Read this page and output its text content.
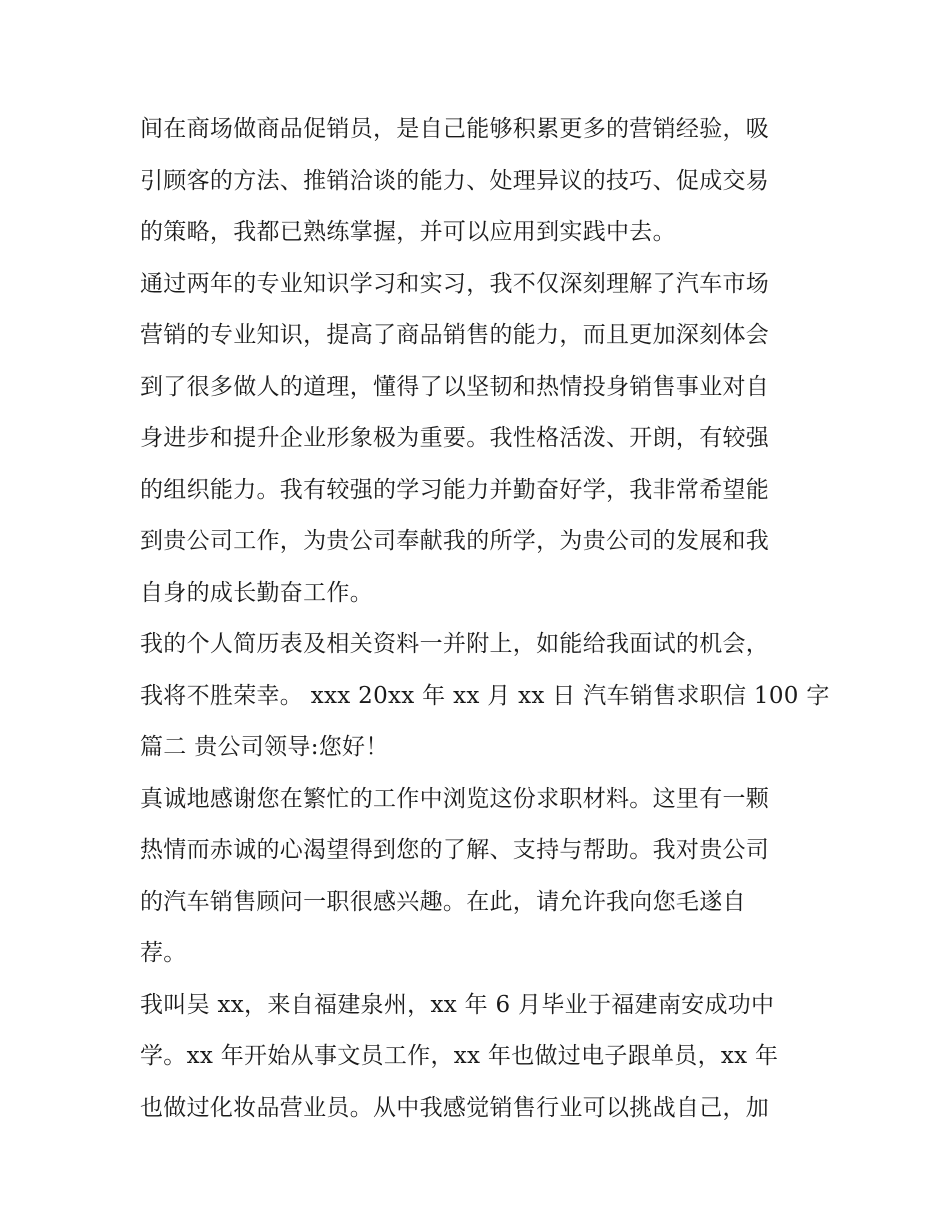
间在商场做商品促销员，是自己能够积累更多的营销经验，吸
引顾客的方法、推销洽谈的能力、处理异议的技巧、促成交易
的策略，我都已熟练掌握，并可以应用到实践中去。
通过两年的专业知识学习和实习，我不仅深刻理解了汽车市场
营销的专业知识，提高了商品销售的能力，而且更加深刻体会
到了很多做人的道理，懂得了以坚韧和热情投身销售事业对自
身进步和提升企业形象极为重要。我性格活泼、开朗，有较强
的组织能力。我有较强的学习能力并勤奋好学，我非常希望能
到贵公司工作，为贵公司奉献我的所学，为贵公司的发展和我
自身的成长勤奋工作。
我的个人简历表及相关资料一并附上，如能给我面试的机会，
我将不胜荣幸。 xxx 20xx 年 xx 月 xx 日 汽车销售求职信 100 字
篇二 贵公司领导:您好！
真诚地感谢您在繁忙的工作中浏览这份求职材料。这里有一颗
热情而赤诚的心渴望得到您的了解、支持与帮助。我对贵公司
的汽车销售顾问一职很感兴趣。在此，请允许我向您毛遂自
荐。
我叫吴 xx，来自福建泉州，xx 年 6 月毕业于福建南安成功中
学。xx 年开始从事文员工作，xx 年也做过电子跟单员，xx 年
也做过化妆品营业员。从中我感觉销售行业可以挑战自己，加
